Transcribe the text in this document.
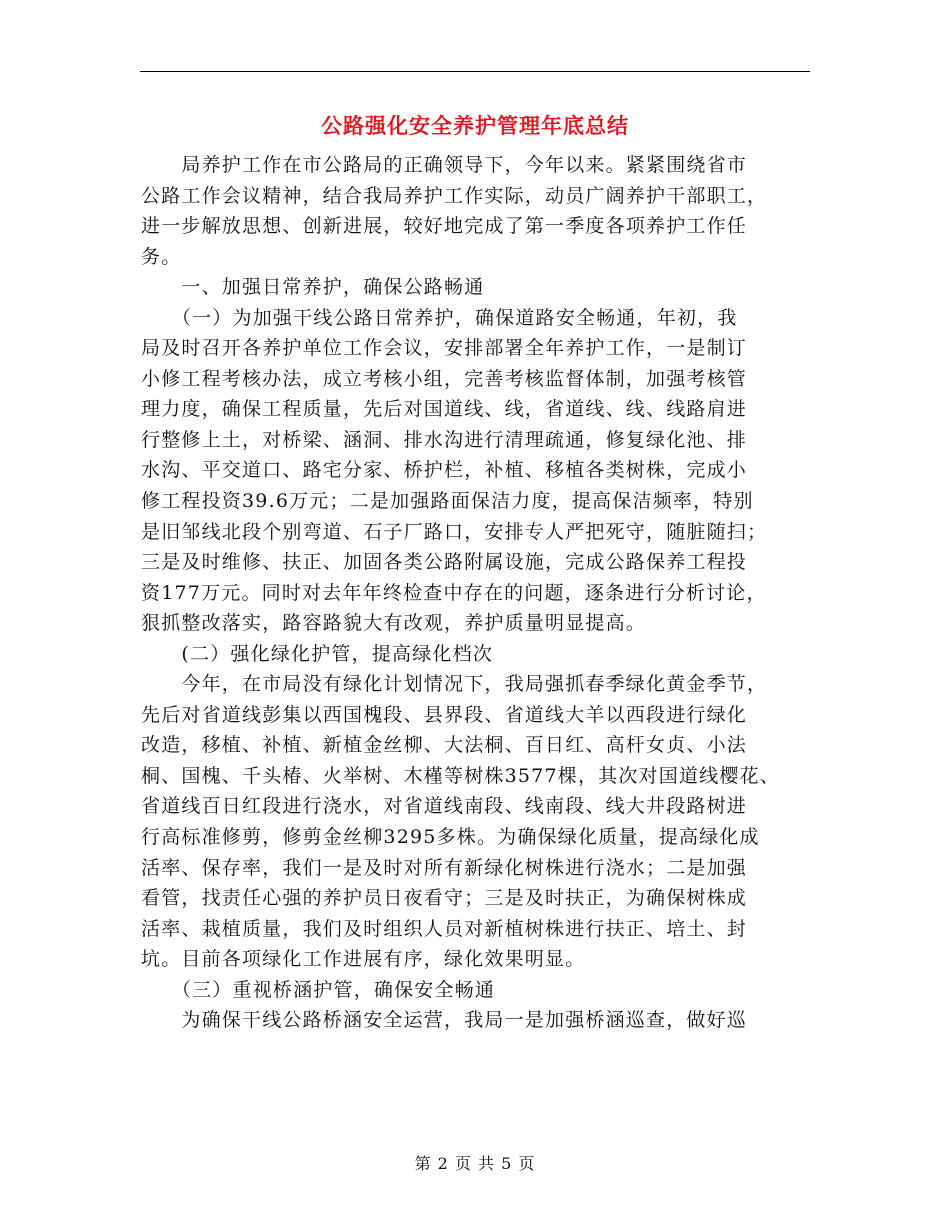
公路强化安全养护管理年底总结
　　局养护工作在市公路局的正确领导下，今年以来。紧紧围绕省市
公路工作会议精神，结合我局养护工作实际，动员广阔养护干部职工，
进一步解放思想、创新进展，较好地完成了第一季度各项养护工作任
务。
　　一、加强日常养护，确保公路畅通
　　（一）为加强干线公路日常养护，确保道路安全畅通，年初，我
局及时召开各养护单位工作会议，安排部署全年养护工作，一是制订
小修工程考核办法，成立考核小组，完善考核监督体制，加强考核管
理力度，确保工程质量，先后对国道线、线，省道线、线、线路肩进
行整修上土，对桥梁、涵洞、排水沟进行清理疏通，修复绿化池、排
水沟、平交道口、路宅分家、桥护栏，补植、移植各类树株，完成小
修工程投资39.6万元；二是加强路面保洁力度，提高保洁频率，特别
是旧邹线北段个别弯道、石子厂路口，安排专人严把死守，随脏随扫；
三是及时维修、扶正、加固各类公路附属设施，完成公路保养工程投
资177万元。同时对去年年终检查中存在的问题，逐条进行分析讨论，
狠抓整改落实，路容路貌大有改观，养护质量明显提高。
　　(二）强化绿化护管，提高绿化档次
　　今年，在市局没有绿化计划情况下，我局强抓春季绿化黄金季节，
先后对省道线彭集以西国槐段、县界段、省道线大羊以西段进行绿化
改造，移植、补植、新植金丝柳、大法桐、百日红、高杆女贞、小法
桐、国槐、千头椿、火举树、木槿等树株3577棵，其次对国道线樱花、
省道线百日红段进行浇水，对省道线南段、线南段、线大井段路树进
行高标准修剪，修剪金丝柳3295多株。为确保绿化质量，提高绿化成
活率、保存率，我们一是及时对所有新绿化树株进行浇水；二是加强
看管，找责任心强的养护员日夜看守；三是及时扶正，为确保树株成
活率、栽植质量，我们及时组织人员对新植树株进行扶正、培土、封
坑。目前各项绿化工作进展有序，绿化效果明显。
　　（三）重视桥涵护管，确保安全畅通
　　为确保干线公路桥涵安全运营，我局一是加强桥涵巡查，做好巡
第 2 页 共 5 页
